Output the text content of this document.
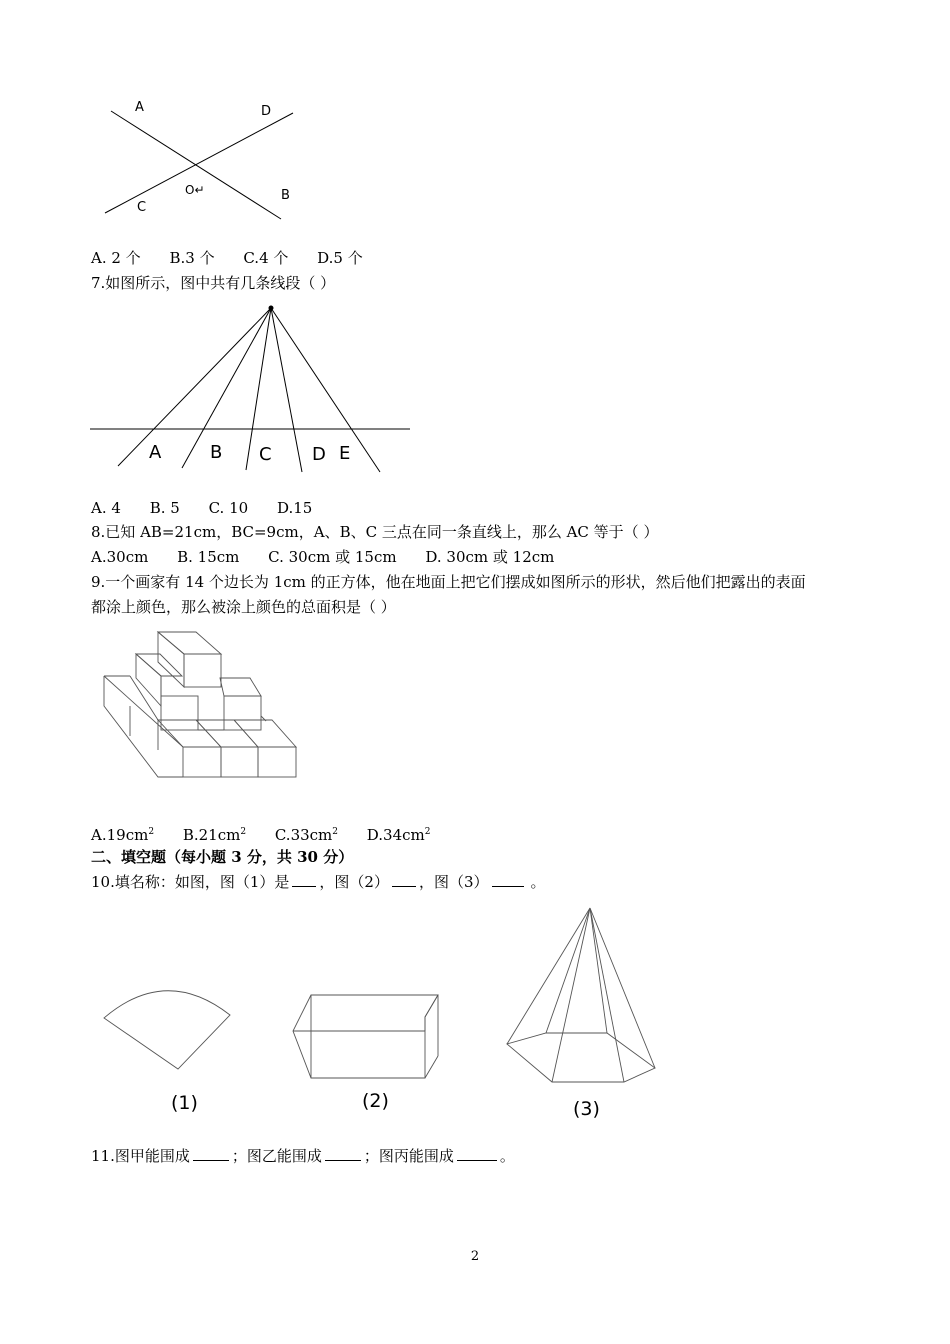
A	D
C
O↵	B
A. 2 个 B.3 个 C.4 个 D.5 个
7.如图所示，图中共有几条线段（ ）
A	B C D E
A. 4 B. 5 C. 10 D.15
8.已知 AB=21cm，BC=9cm，A、B、C 三点在同一条直线上，那么 AC 等于（ ）
A.30cm B. 15cm C. 30cm 或 15cm D. 30cm 或 12cm
9.一个画家有 14 个边长为 1cm 的正方体，他在地面上把它们摆成如图所示的形状，然后他们把露出的表面
都涂上颜色，那么被涂上颜色的总面积是（ ）
$A.19cm^2$ $B.21cm^2$ $C.33cm^2$ $D.34cm^2$
二、填空题（每小题 3 分，共 30 分）
10.填名称：如图，图（1）是 ，图（2） ，图（3）	。
(1)	(2)	(3)
11.图甲能围成	；图乙能围成	；图丙能围成	。
2
